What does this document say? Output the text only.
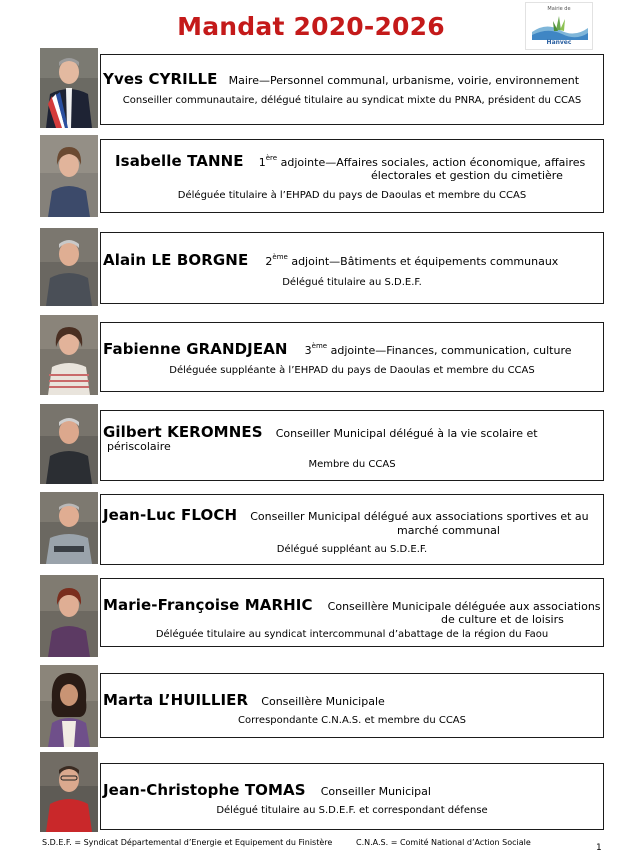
Mandat 2020-2026
Mairie de
Hanvec
Yves CYRILLE Maire—Personnel communal, urbanisme, voirie, environnement
Conseiller communautaire, délégué titulaire au syndicat mixte du PNRA, président du CCAS
Isabelle TANNE 1ère adjointe—Affaires sociales, action économique, affaires
électorales et gestion du cimetière
Déléguée titulaire à l’EHPAD du pays de Daoulas et membre du CCAS
Alain LE BORGNE 2ème adjoint—Bâtiments et équipements communaux
Délégué titulaire au S.D.E.F.
Fabienne GRANDJEAN 3ème adjointe—Finances, communication, culture
Déléguée suppléante à l’EHPAD du pays de Daoulas et membre du CCAS
Gilbert KEROMNES Conseiller Municipal délégué à la vie scolaire et
périscolaire
Membre du CCAS
Jean-Luc FLOCH Conseiller Municipal délégué aux associations sportives et au
marché communal
Délégué suppléant au S.D.E.F.
Marie-Françoise MARHIC Conseillère Municipale déléguée aux associations
de culture et de loisirs
Déléguée titulaire au syndicat intercommunal d’abattage de la région du Faou
Marta L’HUILLIER Conseillère Municipale
Correspondante C.N.A.S. et membre du CCAS
Jean-Christophe TOMAS Conseiller Municipal
Délégué titulaire au S.D.E.F. et correspondant défense
S.D.E.F. = Syndicat Départemental d’Energie et Equipement du Finistère	C.N.A.S. = Comité National d’Action Sociale
1
